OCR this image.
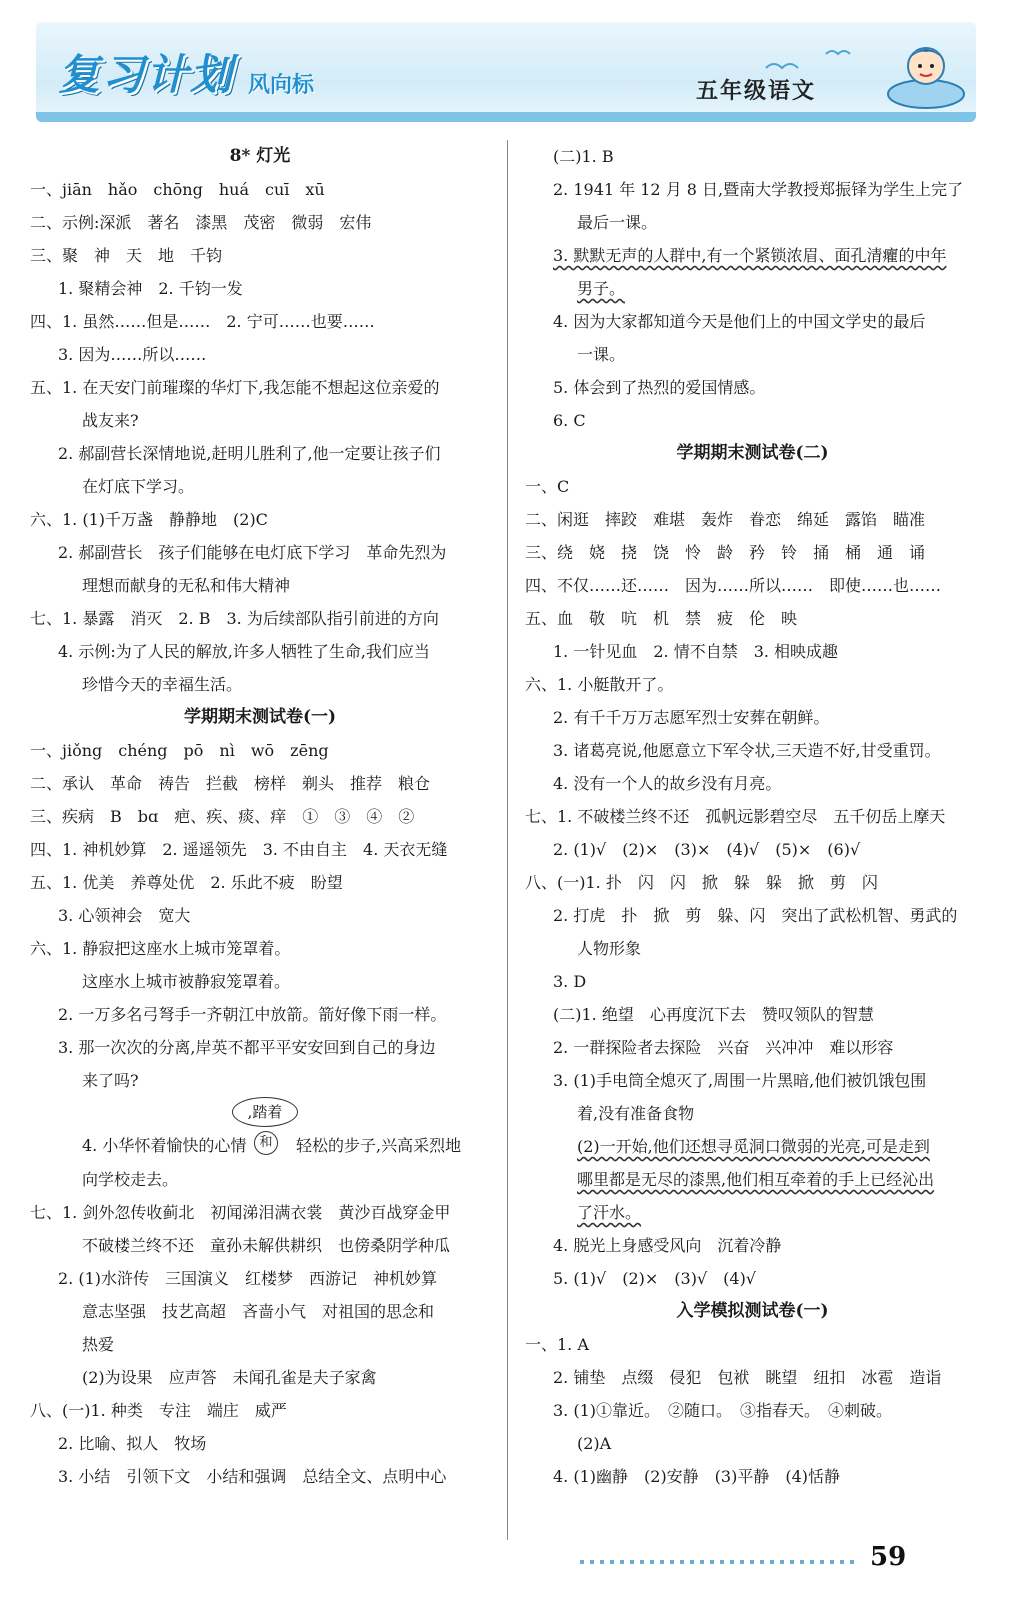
复习计划 风向标	五年级语文
8* 灯光
一、jiān　hǎo　chōng　huá　cuī　xū
二、示例:深派　著名　漆黑　茂密　微弱　宏伟
三、聚　神　天　地　千钧
1. 聚精会神　2. 千钧一发
四、1. 虽然……但是……　2. 宁可……也要……
3. 因为……所以……
五、1. 在天安门前璀璨的华灯下,我怎能不想起这位亲爱的
战友来?
2. 郝副营长深情地说,赶明儿胜利了,他一定要让孩子们
在灯底下学习。
六、1. (1)千万盏　静静地　(2)C
2. 郝副营长　孩子们能够在电灯底下学习　革命先烈为
理想而献身的无私和伟大精神
七、1. 暴露　消灭　2. B　3. 为后续部队指引前进的方向
4. 示例:为了人民的解放,许多人牺牲了生命,我们应当
珍惜今天的幸福生活。
学期期末测试卷(一)
一、jiǒng　chéng　pō　nì　wō　zēng
二、承认　革命　祷告　拦截　榜样　剃头　推荐　粮仓
三、疾病　B　bɑ　疤、疾、痰、痒　①　③　④　②
四、1. 神机妙算　2. 遥遥领先　3. 不由自主　4. 天衣无缝
五、1. 优美　养尊处优　2. 乐此不疲　盼望
3. 心领神会　宽大
六、1. 静寂把这座水上城市笼罩着。
这座水上城市被静寂笼罩着。
2. 一万多名弓弩手一齐朝江中放箭。箭好像下雨一样。
3. 那一次次的分离,岸英不都平平安安回到自己的身边
来了吗?
,踏着
和
4. 小华怀着愉快的心情	轻松的步子,兴高采烈地
向学校走去。
七、1. 剑外忽传收蓟北　初闻涕泪满衣裳　黄沙百战穿金甲
不破楼兰终不还　童孙未解供耕织　也傍桑阴学种瓜
2. (1)水浒传　三国演义　红楼梦　西游记　神机妙算
意志坚强　技艺高超　吝啬小气　对祖国的思念和
热爱
(2)为设果　应声答　未闻孔雀是夫子家禽
八、(一)1. 种类　专注　端庄　威严
2. 比喻、拟人　牧场
3. 小结　引领下文　小结和强调　总结全文、点明中心
(二)1. B
2. 1941 年 12 月 8 日,暨南大学教授郑振铎为学生上完了
最后一课。
3. 默默无声的人群中,有一个紧锁浓眉、面孔清癯的中年
男子。
4. 因为大家都知道今天是他们上的中国文学史的最后
一课。
5. 体会到了热烈的爱国情感。
6. C
学期期末测试卷(二)
一、C
二、闲逛　摔跤　难堪　轰炸　眷恋　绵延　露馅　瞄准
三、绕　娆　挠　饶　怜　龄　矜　铃　捅　桶　通　诵
四、不仅……还……　因为……所以……　即使……也……
五、血　敬　吭　机　禁　疲　伦　映
1. 一针见血　2. 情不自禁　3. 相映成趣
六、1. 小艇散开了。
2. 有千千万万志愿军烈士安葬在朝鲜。
3. 诸葛亮说,他愿意立下军令状,三天造不好,甘受重罚。
4. 没有一个人的故乡没有月亮。
七、1. 不破楼兰终不还　孤帆远影碧空尽　五千仞岳上摩天
2. (1)√　(2)×　(3)×　(4)√　(5)×　(6)√
八、(一)1. 扑　闪　闪　掀　躲　躲　掀　剪　闪
2. 打虎　扑　掀　剪　躲、闪　突出了武松机智、勇武的
人物形象
3. D
(二)1. 绝望　心再度沉下去　赞叹领队的智慧
2. 一群探险者去探险　兴奋　兴冲冲　难以形容
3. (1)手电筒全熄灭了,周围一片黑暗,他们被饥饿包围
着,没有准备食物
(2)一开始,他们还想寻觅洞口微弱的光亮,可是走到
哪里都是无尽的漆黑,他们相互牵着的手上已经沁出
了汗水。
4. 脱光上身感受风向　沉着冷静
5. (1)√　(2)×　(3)√　(4)√
入学模拟测试卷(一)
一、1. A
2. 铺垫　点缀　侵犯　包袱　眺望　纽扣　冰雹　造诣
3. (1)①靠近。　②随口。　③指春天。　④刺破。
(2)A
4. (1)幽静　(2)安静　(3)平静　(4)恬静
59
